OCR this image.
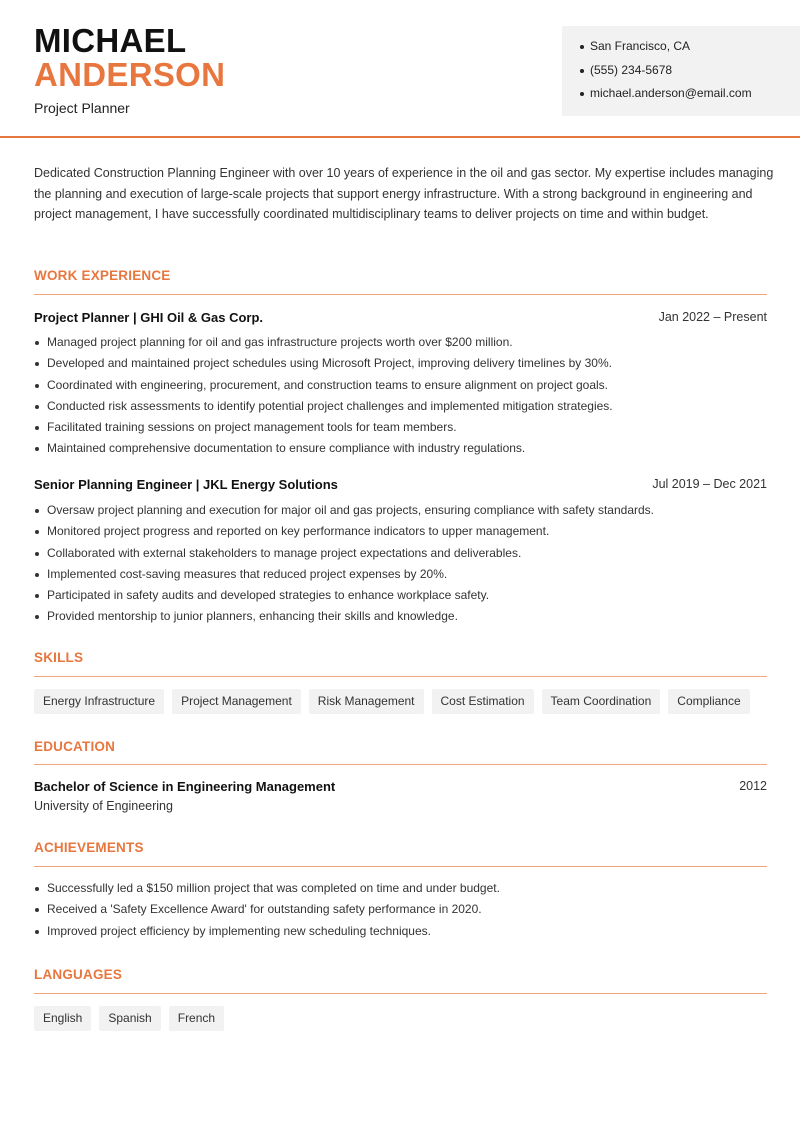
MICHAEL
ANDERSON
Project Planner
San Francisco, CA
(555) 234-5678
michael.anderson@email.com

Dedicated Construction Planning Engineer with over 10 years of experience in the oil and gas sector. My expertise includes managing the planning and execution of large-scale projects that support energy infrastructure. With a strong background in engineering and project management, I have successfully coordinated multidisciplinary teams to deliver projects on time and within budget.

WORK EXPERIENCE
Project Planner | GHI Oil & Gas Corp.	Jan 2022 – Present
Managed project planning for oil and gas infrastructure projects worth over $200 million.
Developed and maintained project schedules using Microsoft Project, improving delivery timelines by 30%.
Coordinated with engineering, procurement, and construction teams to ensure alignment on project goals.
Conducted risk assessments to identify potential project challenges and implemented mitigation strategies.
Facilitated training sessions on project management tools for team members.
Maintained comprehensive documentation to ensure compliance with industry regulations.
Senior Planning Engineer | JKL Energy Solutions	Jul 2019 – Dec 2021
Oversaw project planning and execution for major oil and gas projects, ensuring compliance with safety standards.
Monitored project progress and reported on key performance indicators to upper management.
Collaborated with external stakeholders to manage project expectations and deliverables.
Implemented cost-saving measures that reduced project expenses by 20%.
Participated in safety audits and developed strategies to enhance workplace safety.
Provided mentorship to junior planners, enhancing their skills and knowledge.
SKILLS
Energy Infrastructure	Project Management	Risk Management	Cost Estimation	Team Coordination	Compliance
EDUCATION
Bachelor of Science in Engineering Management	2012
University of Engineering
ACHIEVEMENTS
Successfully led a $150 million project that was completed on time and under budget.
Received a 'Safety Excellence Award' for outstanding safety performance in 2020.
Improved project efficiency by implementing new scheduling techniques.
LANGUAGES
English	Spanish	French
